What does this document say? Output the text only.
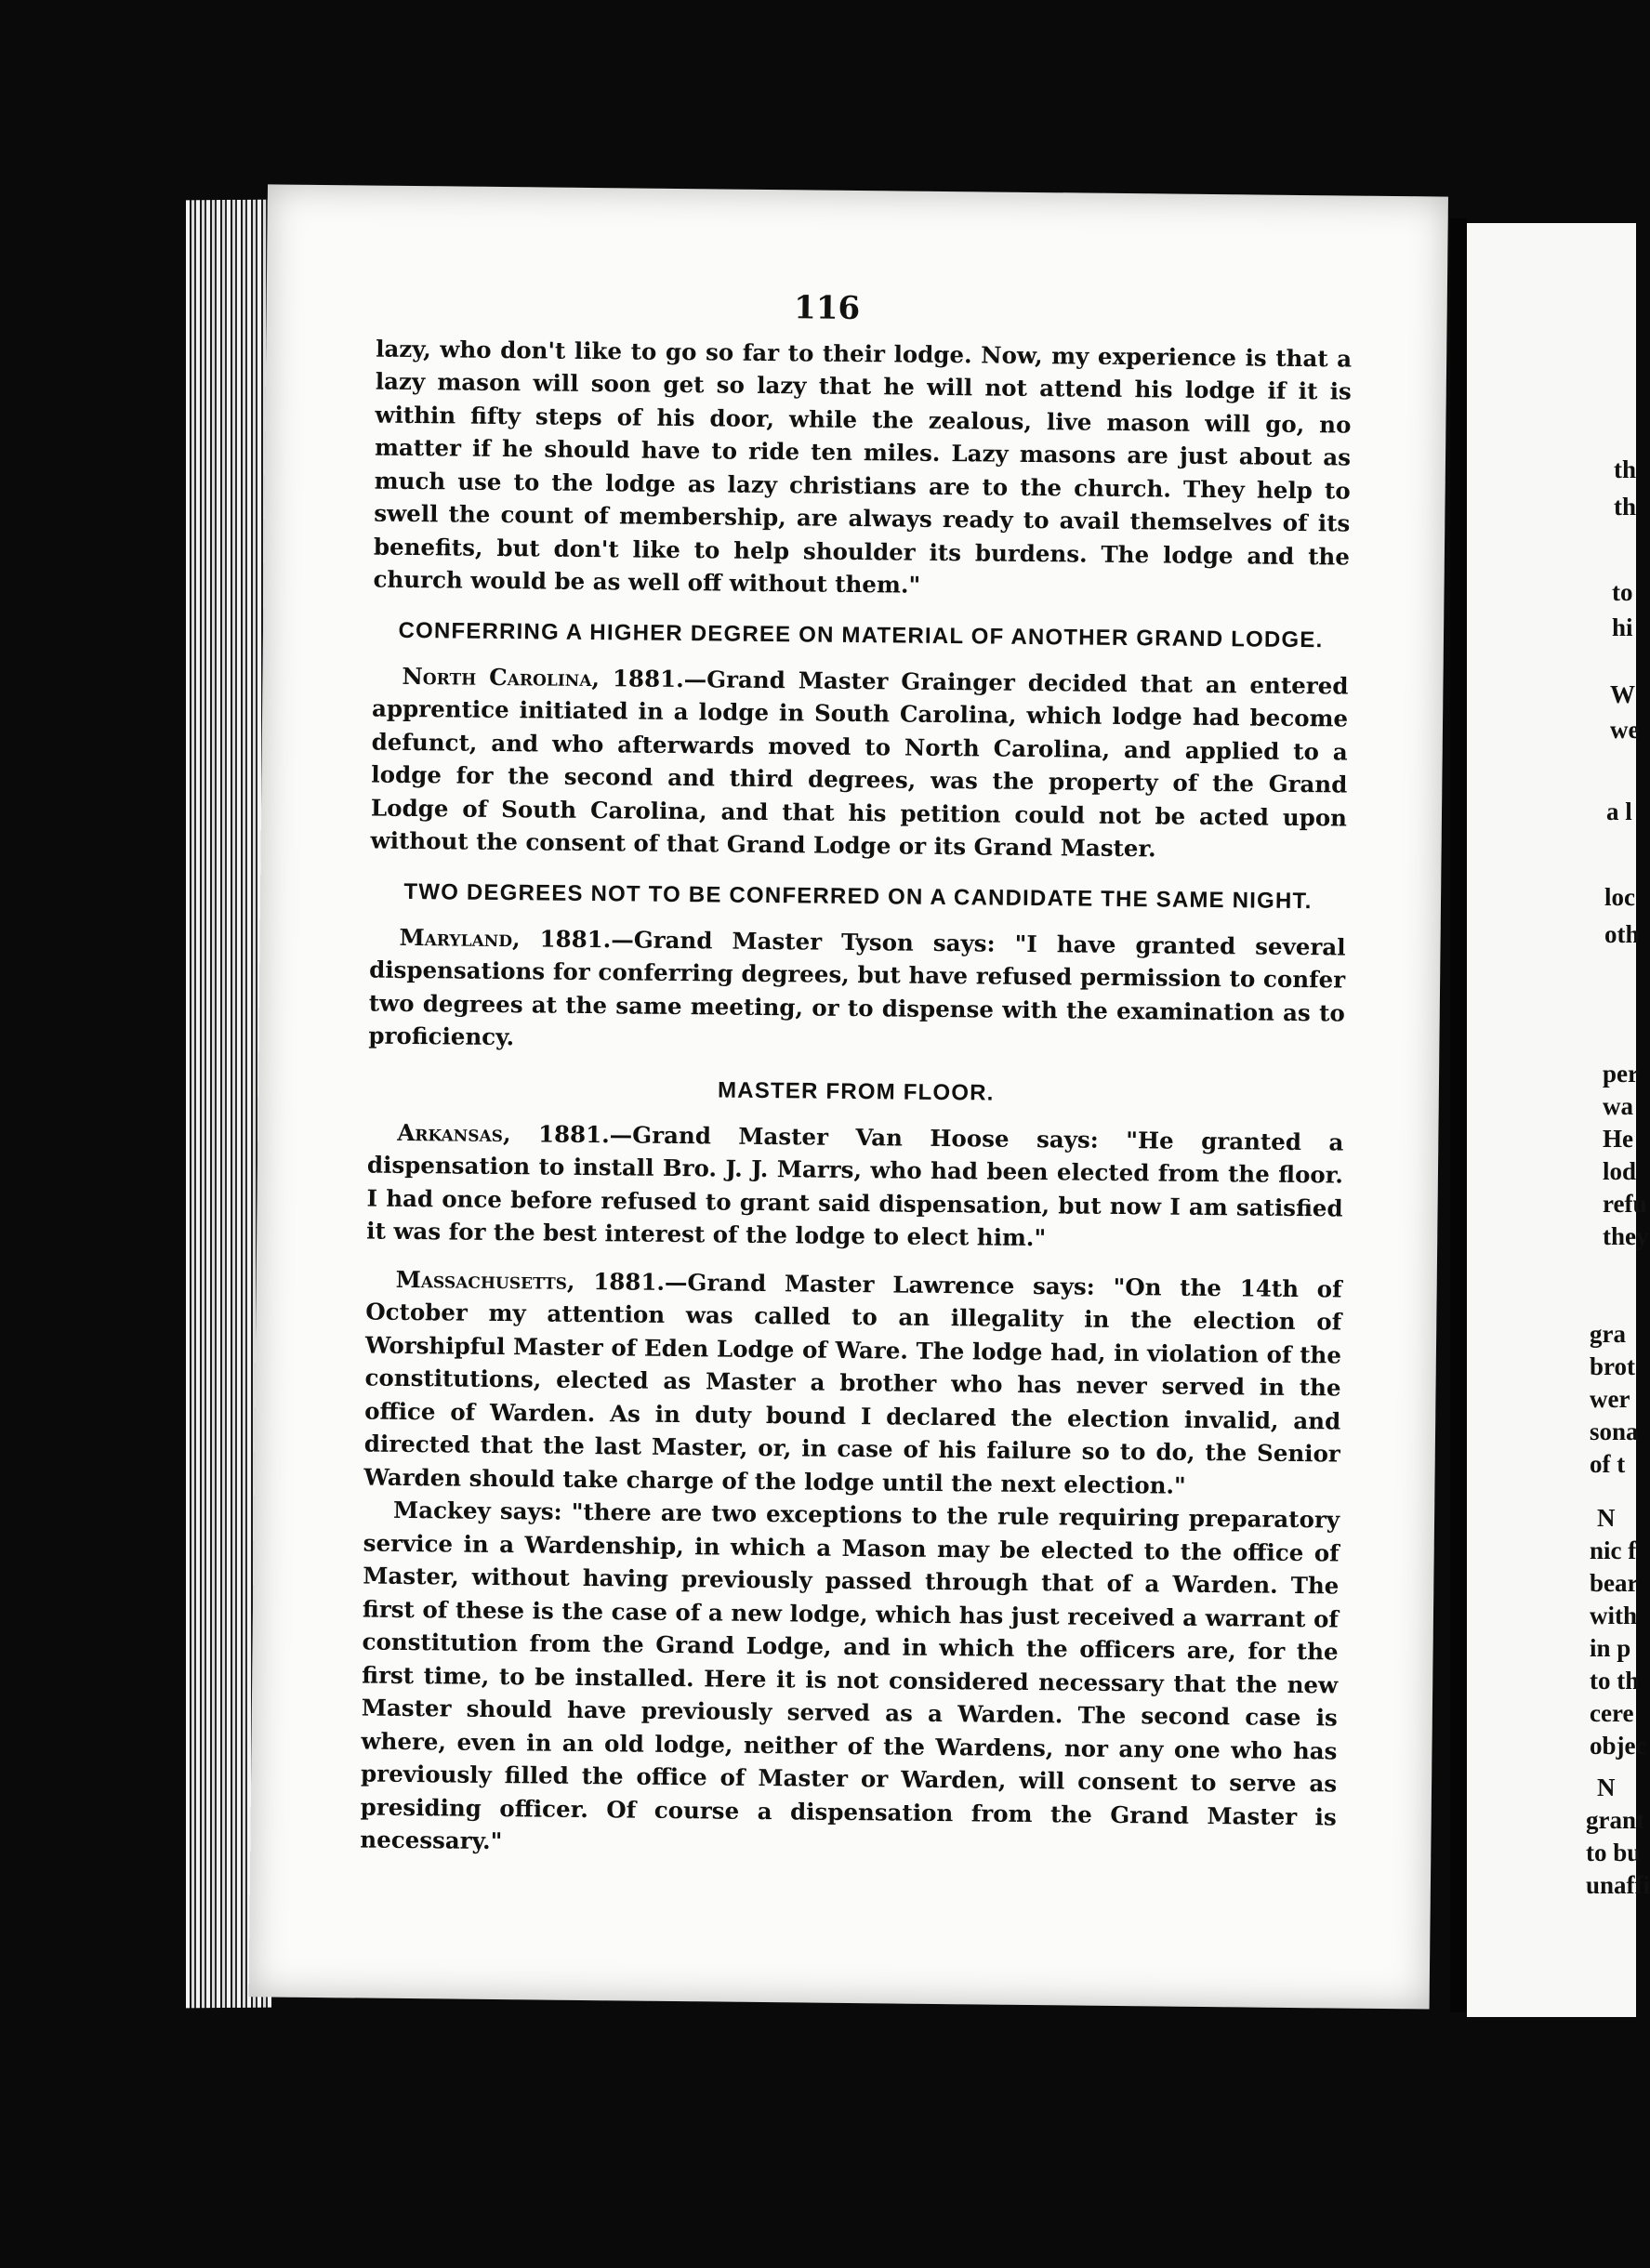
116

lazy, who don't like to go so far to their lodge. Now, my experience is that a lazy mason will soon get so lazy that he will not attend his lodge if it is within fifty steps of his door, while the zealous, live mason will go, no matter if he should have to ride ten miles. Lazy masons are just about as much use to the lodge as lazy christians are to the church. They help to swell the count of membership, are always ready to avail themselves of its benefits, but don't like to help shoulder its burdens. The lodge and the church would be as well off without them."

CONFERRING A HIGHER DEGREE ON MATERIAL OF ANOTHER GRAND LODGE.

North Carolina, 1881.—Grand Master Grainger decided that an entered apprentice initiated in a lodge in South Carolina, which lodge had become defunct, and who afterwards moved to North Carolina, and applied to a lodge for the second and third degrees, was the property of the Grand Lodge of South Carolina, and that his petition could not be acted upon without the consent of that Grand Lodge or its Grand Master.

TWO DEGREES NOT TO BE CONFERRED ON A CANDIDATE THE SAME NIGHT.

Maryland, 1881.—Grand Master Tyson says: "I have granted several dispensations for conferring degrees, but have refused permission to confer two degrees at the same meeting, or to dispense with the examination as to proficiency.

MASTER FROM FLOOR.

Arkansas, 1881.—Grand Master Van Hoose says: "He granted a dispensation to install Bro. J. J. Marrs, who had been elected from the floor. I had once before refused to grant said dispensation, but now I am satisfied it was for the best interest of the lodge to elect him."

Massachusetts, 1881.—Grand Master Lawrence says: "On the 14th of October my attention was called to an illegality in the election of Worshipful Master of Eden Lodge of Ware. The lodge had, in violation of the constitutions, elected as Master a brother who has never served in the office of Warden. As in duty bound I declared the election invalid, and directed that the last Master, or, in case of his failure so to do, the Senior Warden should take charge of the lodge until the next election."

Mackey says: "there are two exceptions to the rule requiring preparatory service in a Wardenship, in which a Mason may be elected to the office of Master, without having previously passed through that of a Warden. The first of these is the case of a new lodge, which has just received a warrant of constitution from the Grand Lodge, and in which the officers are, for the first time, to be installed. Here it is not considered necessary that the new Master should have previously served as a Warden. The second case is where, even in an old lodge, neither of the Wardens, nor any one who has previously filled the office of Master or Warden, will consent to serve as presiding officer. Of course a dispensation from the Grand Master is necessary."

th
th
to
hi
W
we
a l
loc
oth
per
wa
He
lod
refu
they
gra
brot
wer
sona
of t
N
nic f
bear
with
in p
to th
cere
objec
N
grant
to bu
unaffi
